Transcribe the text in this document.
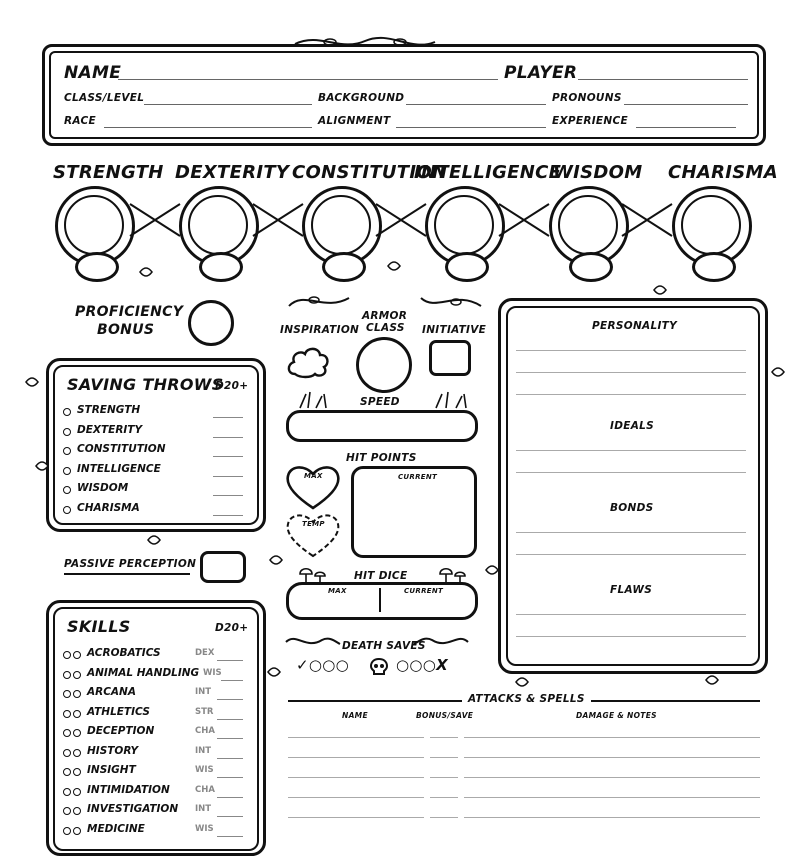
NAME	PLAYER
CLASS/LEVEL	BACKGROUND	PRONOUNS
RACE	ALIGNMENT	EXPERIENCE
STRENGTH DEXTERITY CONSTITUTION
INTELLIGENCE
WISDOM CHARISMA
PROFICIENCY
BONUS
SAVING THROWS
D20+
STRENGTH
DEXTERITY
CONSTITUTION
INTELLIGENCE
WISDOM
CHARISMA
PASSIVE PERCEPTION
SKILLS	D20+
ACROBATICS	DEX
ANIMAL HANDLING WIS
ARCANA	INT
ATHLETICS	STR
DECEPTION	CHA
HISTORY	INT
INSIGHT	WIS
INTIMIDATION	CHA
INVESTIGATION INT
MEDICINE	WIS
INSPIRATION
ARMOR
CLASS INITIATIVE
SPEED
HIT POINTS
MAX
TEMP
CURRENT
HIT DICE
MAX	CURRENT
DEATH SAVES
✓○○○	○○○X
PERSONALITY
IDEALS
BONDS
FLAWS
ATTACKS & SPELLS
NAME	BONUS/SAVE	DAMAGE & NOTES
